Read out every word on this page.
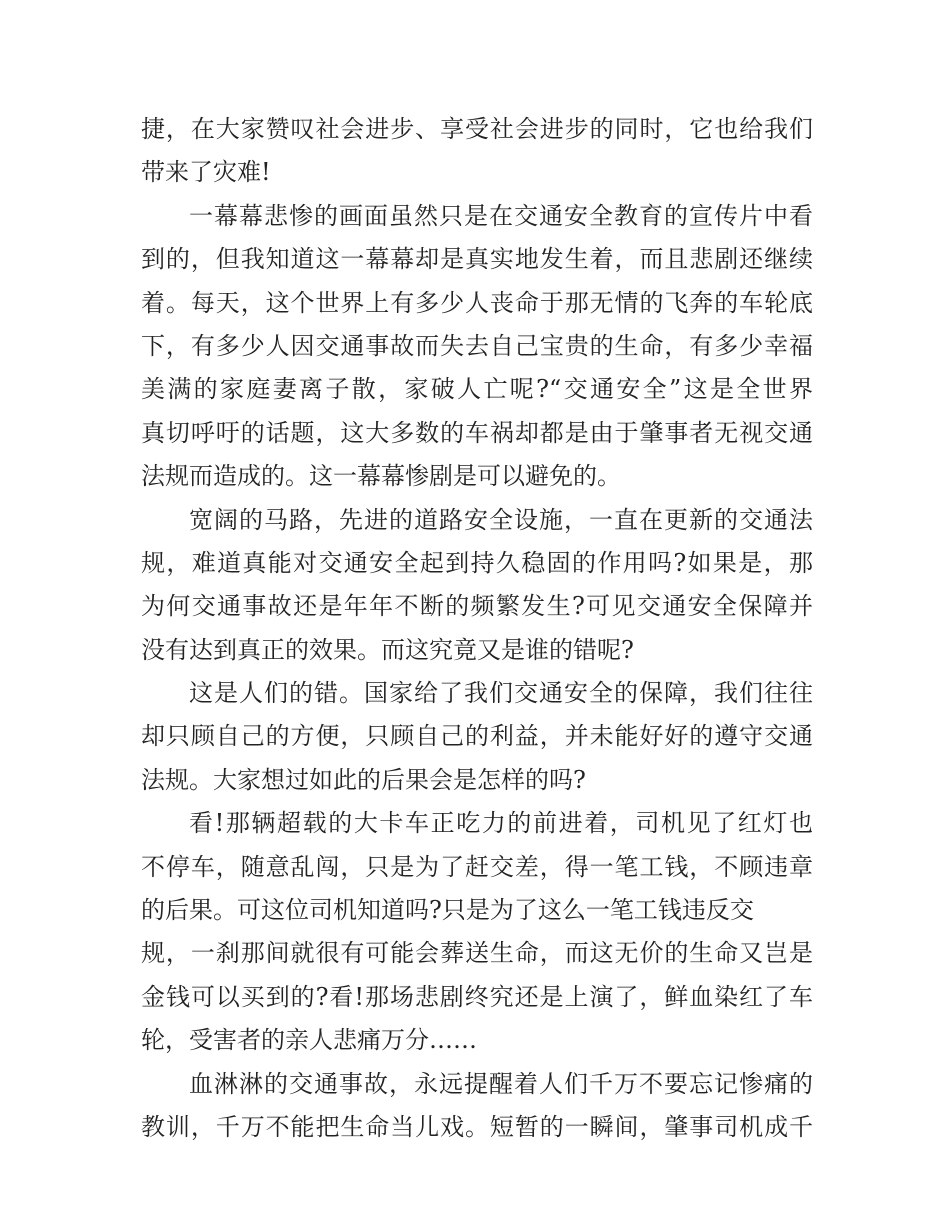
捷，在大家赞叹社会进步、享受社会进步的同时，它也给我们
带来了灾难!
一幕幕悲惨的画面虽然只是在交通安全教育的宣传片中看
到的，但我知道这一幕幕却是真实地发生着，而且悲剧还继续
着。每天，这个世界上有多少人丧命于那无情的飞奔的车轮底
下，有多少人因交通事故而失去自己宝贵的生命，有多少幸福
美满的家庭妻离子散，家破人亡呢?“交通安全”这是全世界
真切呼吁的话题，这大多数的车祸却都是由于肇事者无视交通
法规而造成的。这一幕幕惨剧是可以避免的。
宽阔的马路，先进的道路安全设施，一直在更新的交通法
规，难道真能对交通安全起到持久稳固的作用吗?如果是，那
为何交通事故还是年年不断的频繁发生?可见交通安全保障并
没有达到真正的效果。而这究竟又是谁的错呢?
这是人们的错。国家给了我们交通安全的保障，我们往往
却只顾自己的方便，只顾自己的利益，并未能好好的遵守交通
法规。大家想过如此的后果会是怎样的吗?
看!那辆超载的大卡车正吃力的前进着，司机见了红灯也
不停车，随意乱闯，只是为了赶交差，得一笔工钱，不顾违章
的后果。可这位司机知道吗?只是为了这么一笔工钱违反交
规，一刹那间就很有可能会葬送生命，而这无价的生命又岂是
金钱可以买到的?看!那场悲剧终究还是上演了，鲜血染红了车
轮，受害者的亲人悲痛万分……
血淋淋的交通事故，永远提醒着人们千万不要忘记惨痛的
教训，千万不能把生命当儿戏。短暂的一瞬间，肇事司机成千
